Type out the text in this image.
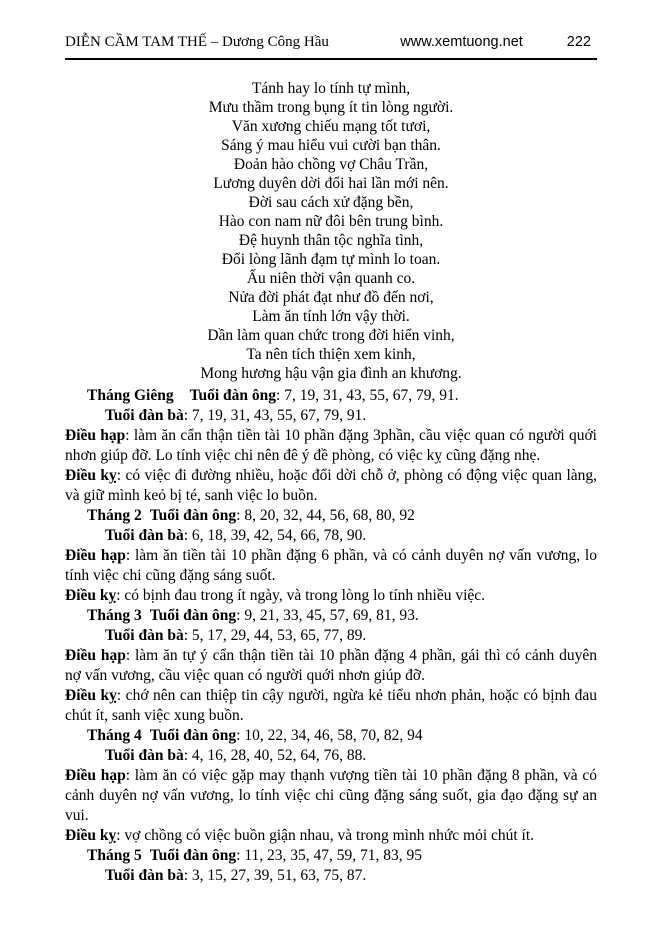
DIỄN CẦM TAM THẾ – Dương Công Hầu	www.xemtuong.net	222
Tánh hay lo tính tự mình,
Mưu thầm trong bụng ít tin lòng người.
Văn xương chiếu mạng tốt tươi,
Sáng ý mau hiểu vui cười bạn thân.
Đoản hào chồng vợ Châu Trần,
Lương duyên dời đổi hai lần mới nên.
Đời sau cách xử đặng bền,
Hào con nam nữ đôi bên trung bình.
Đệ huynh thân tộc nghĩa tình,
Đổi lòng lãnh đạm tự mình lo toan.
Ấu niên thời vận quanh co.
Nửa đời phát đạt như đồ đến nơi,
Làm ăn tính lớn vậy thời.
Dần làm quan chức trong đời hiển vinh,
Ta nên tích thiện xem kinh,
Mong hương hậu vận gia đình an khương.

Tháng Giêng Tuổi đàn ông: 7, 19, 31, 43, 55, 67, 79, 91.

Tuổi đàn bà: 7, 19, 31, 43, 55, 67, 79, 91.

Điều hạp: làm ăn cẩn thận tiền tài 10 phần đặng 3phần, cầu việc quan có người quới nhơn giúp đỡ. Lo tính việc chi nên đê ý đề phòng, có việc kỵ cũng đặng nhẹ.

Điều kỵ: có việc đi đường nhiều, hoặc đổi dời chỗ ở, phòng có động việc quan làng, và giữ mình keỏ bị té, sanh việc lo buồn.

Tháng 2 Tuổi đàn ông: 8, 20, 32, 44, 56, 68, 80, 92

Tuổi đàn bà: 6, 18, 39, 42, 54, 66, 78, 90.

Điều hạp: làm ăn tiền tài 10 phần đặng 6 phần, và có cảnh duyên nợ vấn vương, lo tính việc chi cũng đặng sáng suốt.

Điều kỵ: có bịnh đau trong ít ngày, và trong lòng lo tính nhiều việc.

Tháng 3 Tuổi đàn ông: 9, 21, 33, 45, 57, 69, 81, 93.

Tuổi đàn bà: 5, 17, 29, 44, 53, 65, 77, 89.

Điều hạp: làm ăn tự ý cẩn thận tiền tài 10 phần đặng 4 phần, gái thì có cảnh duyên nợ vấn vương, cầu việc quan có người quới nhơn giúp đỡ.

Điều kỵ: chớ nên can thiệp tin cậy người, ngừa kẻ tiểu nhơn phản, hoặc có bịnh đau chút ít, sanh việc xung buồn.

Tháng 4 Tuổi đàn ông: 10, 22, 34, 46, 58, 70, 82, 94

Tuổi đàn bà: 4, 16, 28, 40, 52, 64, 76, 88.

Điều hạp: làm ăn có việc gặp may thạnh vượng tiền tài 10 phần đặng 8 phần, và có cảnh duyên nợ vấn vương, lo tính việc chi cũng đặng sáng suốt, gia đạo đặng sự an vui.

Điều kỵ: vợ chồng có việc buồn giận nhau, và trong mình nhức mỏi chút ít.

Tháng 5 Tuổi đàn ông: 11, 23, 35, 47, 59, 71, 83, 95

Tuổi đàn bà: 3, 15, 27, 39, 51, 63, 75, 87.
